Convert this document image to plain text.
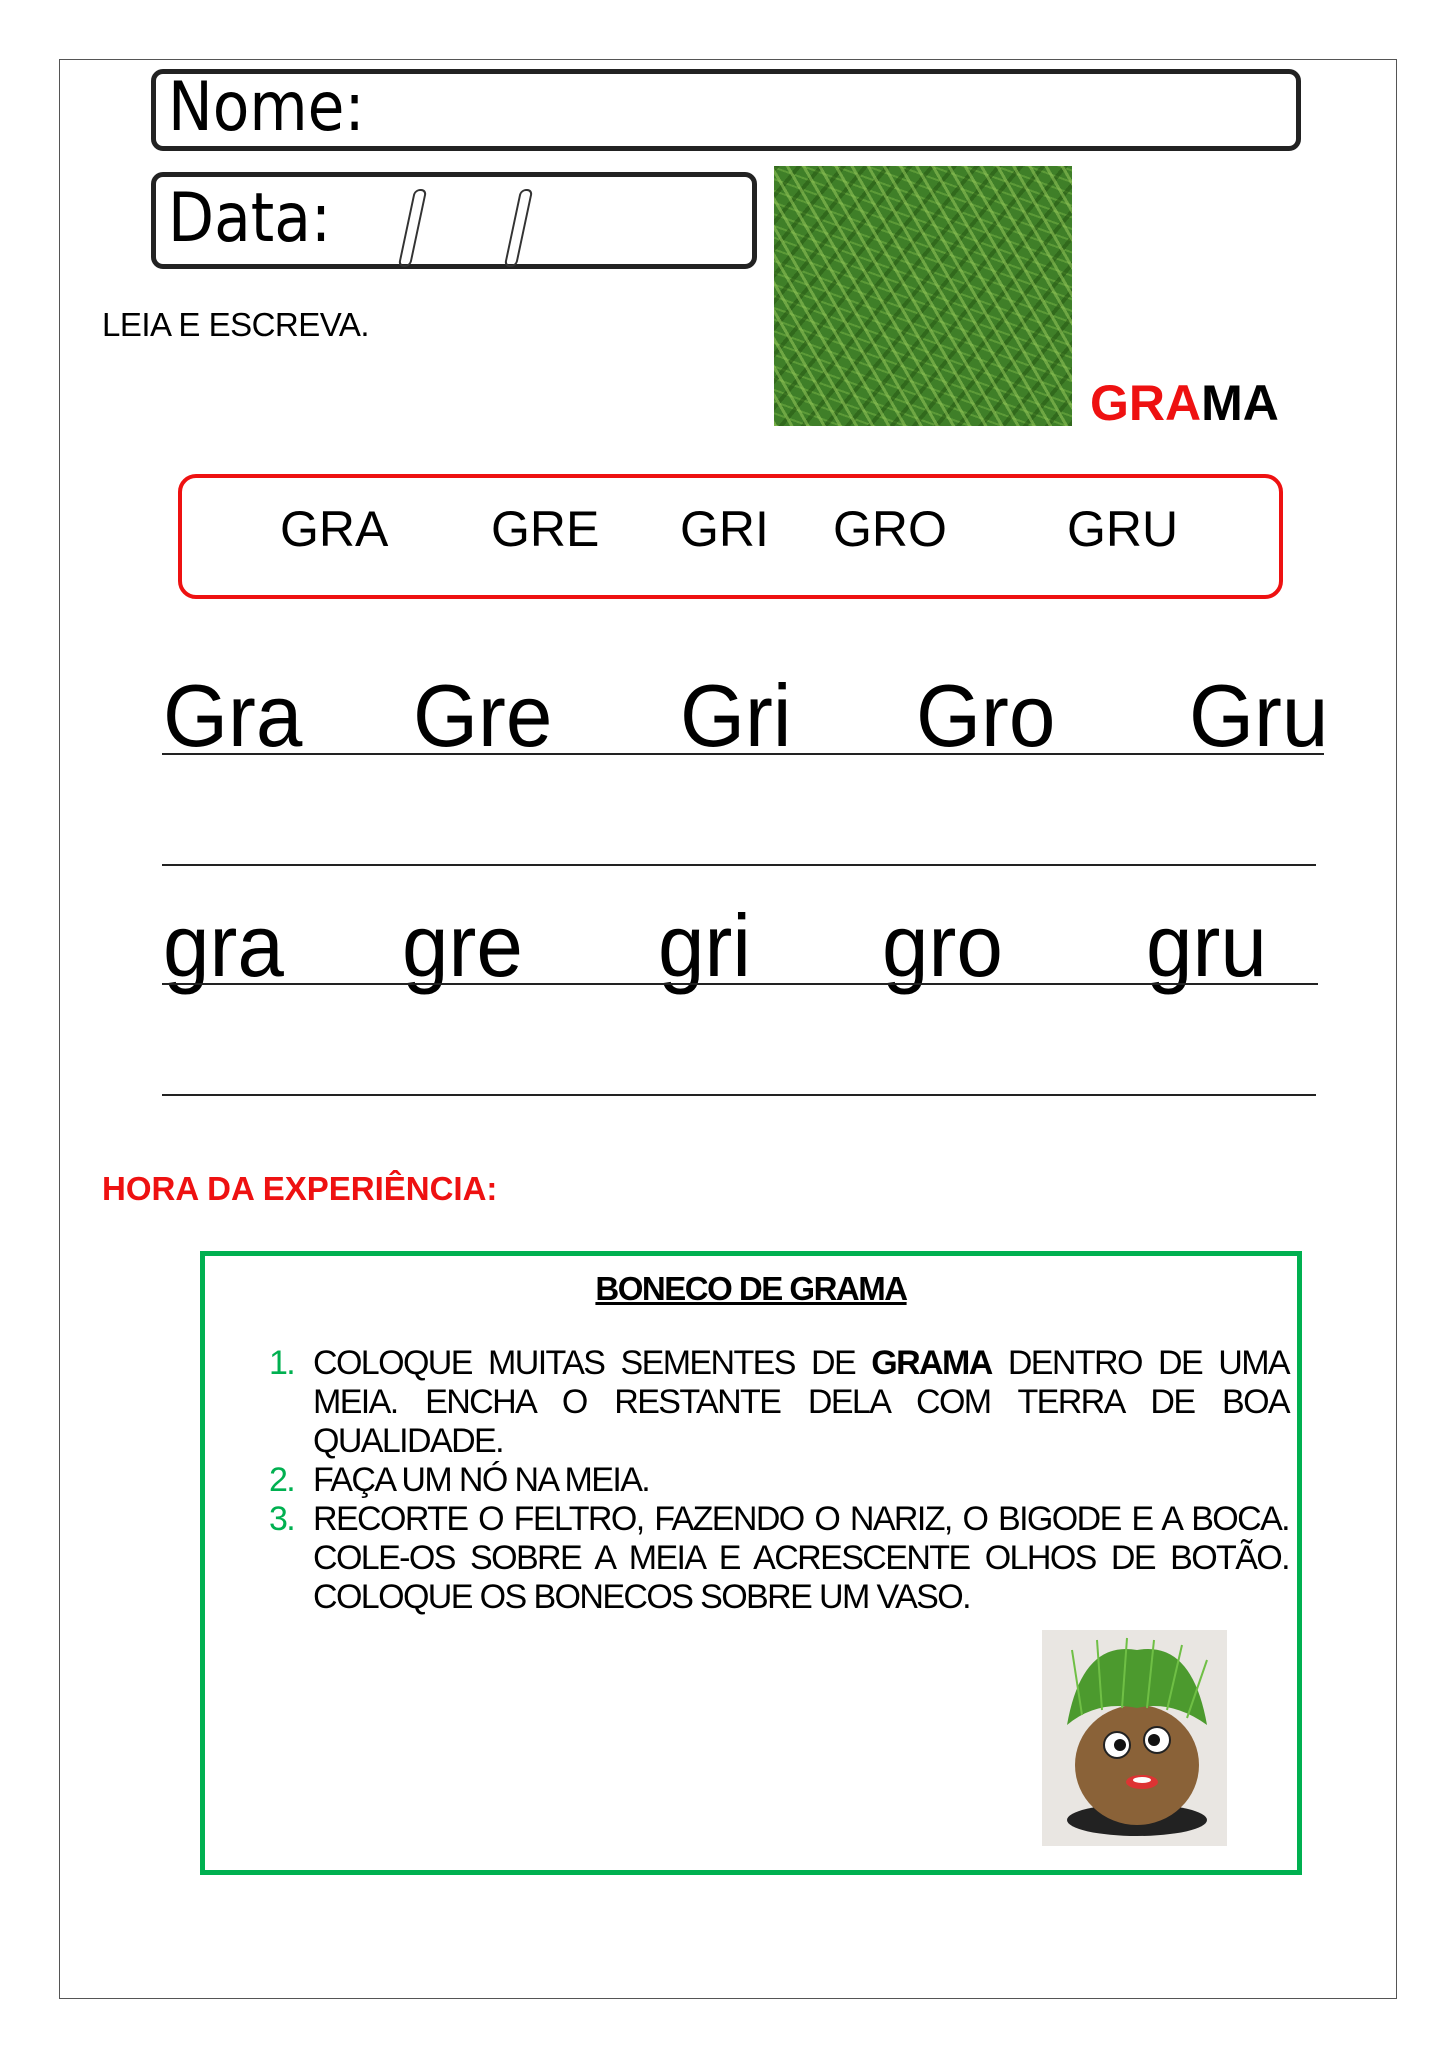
Nome:
Data:
LEIA E ESCREVA.
GRAMA
GRA GRE GRI GRO GRU
Gra Gre Gri Gro Gru
gra gre gri gro gru
HORA DA EXPERIÊNCIA:
BONECO DE GRAMA
1. COLOQUE MUITAS SEMENTES DE GRAMA DENTRO DE UMA MEIA. ENCHA O RESTANTE DELA COM TERRA DE BOA QUALIDADE.
2. FAÇA UM NÓ NA MEIA.
3. RECORTE O FELTRO, FAZENDO O NARIZ, O BIGODE E A BOCA. COLE-OS SOBRE A MEIA E ACRESCENTE OLHOS DE BOTÃO. COLOQUE OS BONECOS SOBRE UM VASO.
